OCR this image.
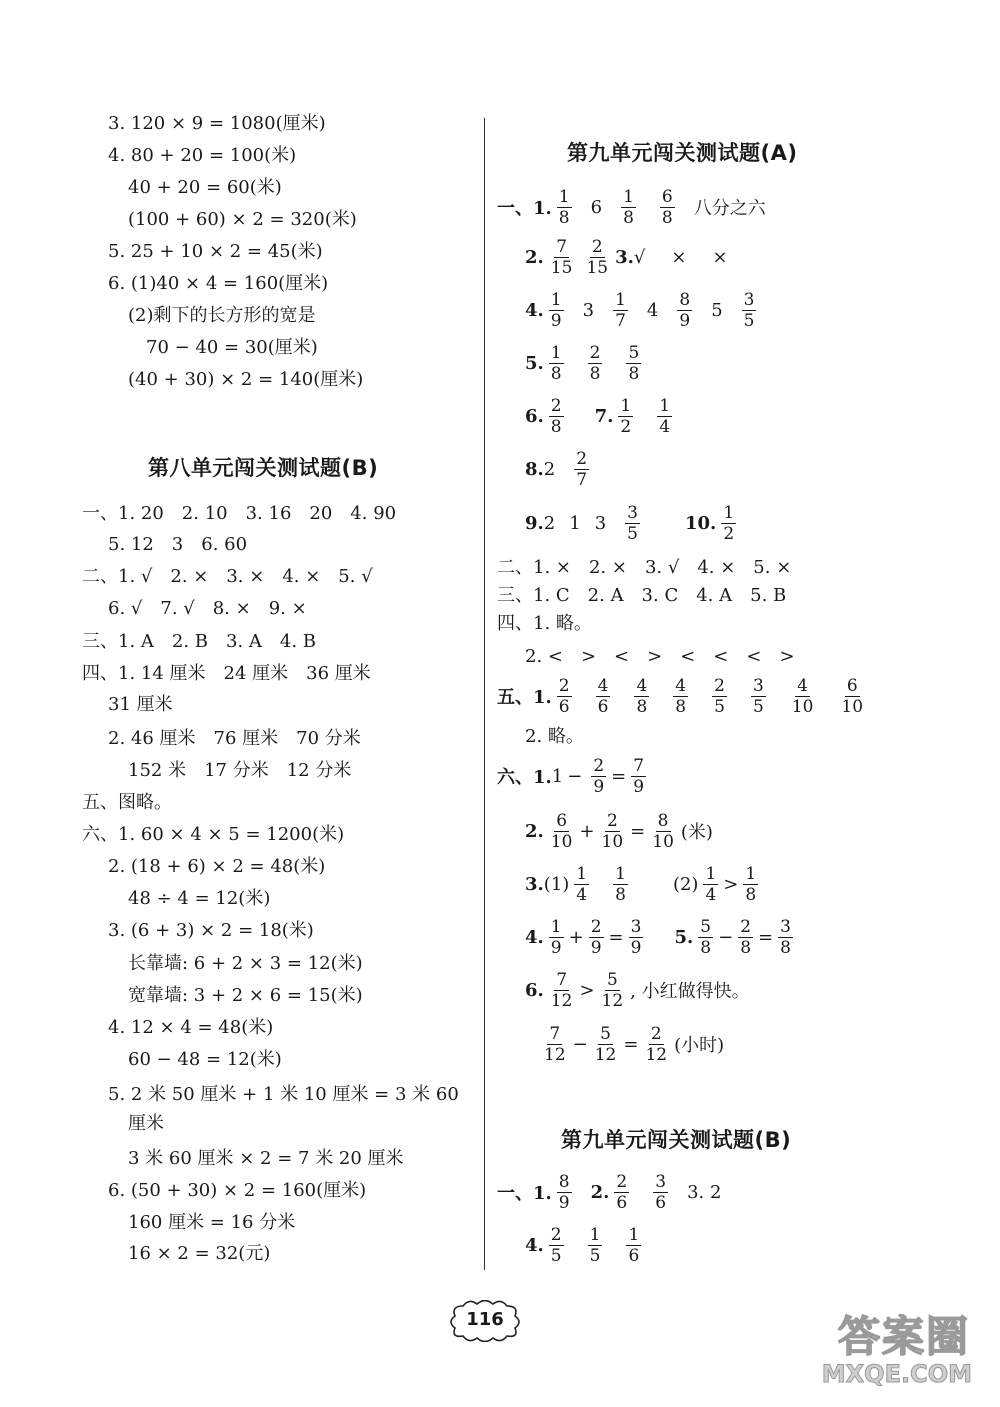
3. 120 × 9 = 1080(厘米)
4. 80 + 20 = 100(米)
40 + 20 = 60(米)
(100 + 60) × 2 = 320(米)
5. 25 + 10 × 2 = 45(米)
6. (1)40 × 4 = 160(厘米)
(2)剩下的长方形的宽是
70 − 40 = 30(厘米)
(40 + 30) × 2 = 140(厘米)
第八单元闯关测试题(B)
一、1. 20　2. 10　3. 16　20　4. 90
5. 12　3　6. 60
二、1. √　2. ×　3. ×　4. ×　5. √
6. √　7. √　8. ×　9. ×
三、1. A　2. B　3. A　4. B
四、1. 14 厘米　24 厘米　36 厘米
31 厘米
2. 46 厘米　76 厘米　70 分米
152 米　17 分米　12 分米
五、图略。
六、1. 60 × 4 × 5 = 1200(米)
2. (18 + 6) × 2 = 48(米)
48 ÷ 4 = 12(米)
3. (6 + 3) × 2 = 18(米)
长靠墙: 6 + 2 × 3 = 12(米)
宽靠墙: 3 + 2 × 6 = 15(米)
4. 12 × 4 = 48(米)
60 − 48 = 12(米)
5. 2 米 50 厘米 + 1 米 10 厘米 = 3 米 60
厘米
3 米 60 厘米 × 2 = 7 米 20 厘米
6. (50 + 30) × 2 = 160(厘米)
160 厘米 = 16 分米
16 × 2 = 32(元)
第九单元闯关测试题(A)
一、1. $\frac{1}{8} 6 \frac{1}{8} \frac{6}{8}$ 八分之六
2. $\frac{7}{15} \frac{2}{15} 3$. √ × ×
4. $\frac{1}{9} 3 \frac{1}{7} 4 \frac{8}{9} 5 \frac{3}{5}$
5. $\frac{1}{8} \frac{2}{8} \frac{5}{8}$
6. $\frac{2}{8} 7$. $\frac{1}{2} \frac{1}{4}$
8. $2 \frac{2}{7}$
9. 2 1 $3 \frac{3}{5}$	10. $\frac{1}{2}$
二、1. ×　2. ×　3. √　4. ×　5. ×
三、1. C　2. A　3. C　4. A　5. B
四、1. 略。
2. <　>　<　>　<　<　<　>
五、1. $\frac{2}{6} \frac{4}{6} \frac{4}{8} \frac{4}{8} \frac{2}{5} \frac{3}{5} \frac{4}{10} \frac{6}{10}$
2. 略。
六、1. $1 - \frac{2}{9} = \frac{7}{9}$
2. $\frac{6}{10} + \frac{2}{10} = \frac{8}{10}$ (米)
3. $(1) \frac{1}{4} \frac{1}{8}$	$(2) \frac{1}{4} > \frac{1}{8}$
4. $\frac{1}{9} + \frac{2}{9} = \frac{3}{9} 5$. $\frac{5}{8} - \frac{2}{8} = \frac{3}{8}$
6. $\frac{7}{12} > \frac{5}{12}$ , 小红做得快。
$\frac{7}{12} - \frac{5}{12} = \frac{2}{12}$ (小时)
第九单元闯关测试题(B)
一、1. $\frac{8}{9} 2$. $\frac{2}{6} \frac{3}{6} 3$. 2
4. $\frac{2}{5} \frac{1}{5} \frac{1}{6}$
116	答案圈
MXQE.COM
